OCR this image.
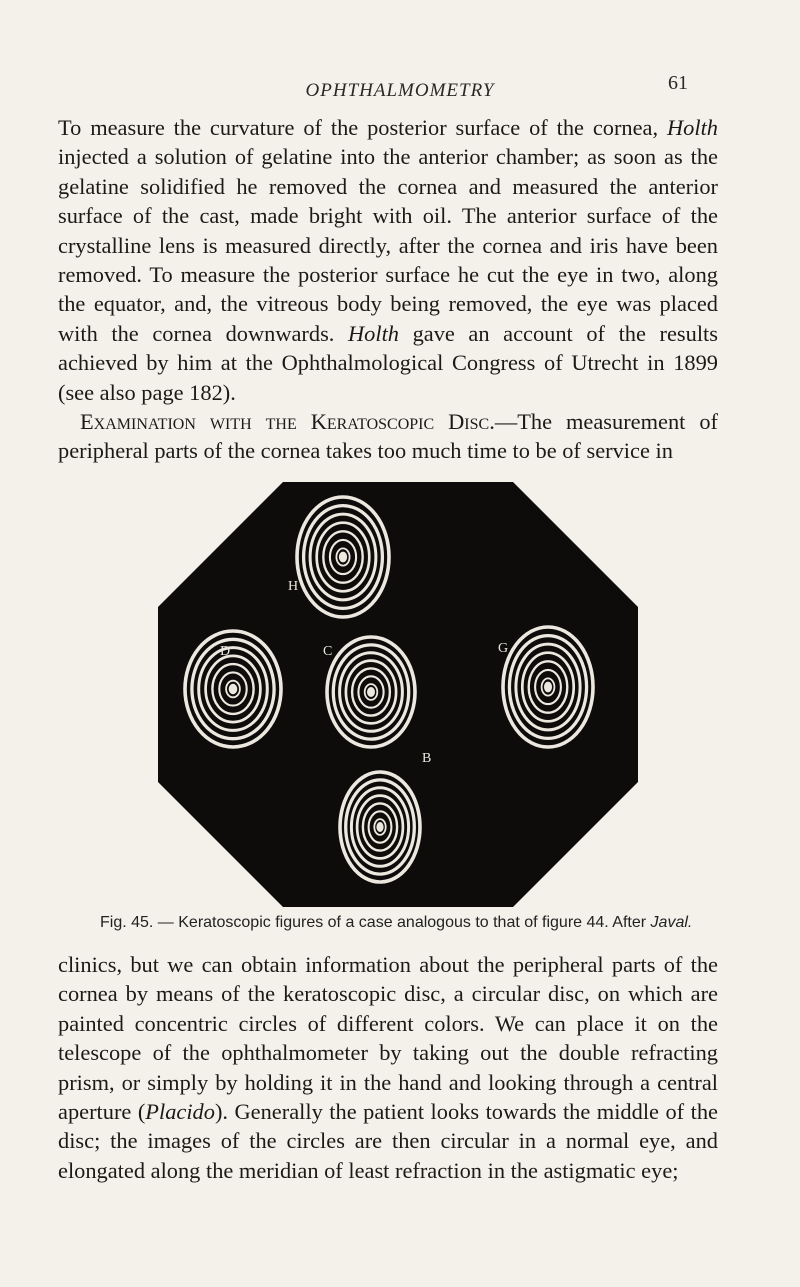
OPHTHALMOMETRY	61

To measure the curvature of the posterior surface of the cornea, Holth injected a solution of gelatine into the anterior chamber; as soon as the gelatine solidified he removed the cornea and measured the anterior surface of the cast, made bright with oil. The anterior surface of the crystalline lens is measured directly, after the cornea and iris have been removed. To measure the posterior surface he cut the eye in two, along the equator, and, the vitreous body being removed, the eye was placed with the cornea downwards. Holth gave an account of the results achieved by him at the Ophthalmological Congress of Utrecht in 1899 (see also page 182).

Examination with the Keratoscopic Disc.—The measurement of peripheral parts of the cornea takes too much time to be of service in

H
D	C	G
B
Fig. 45. — Keratoscopic figures of a case analogous to that of figure 44. After Javal.

clinics, but we can obtain information about the peripheral parts of the cornea by means of the keratoscopic disc, a circular disc, on which are painted concentric circles of different colors. We can place it on the telescope of the ophthalmometer by taking out the double refracting prism, or simply by holding it in the hand and looking through a central aperture (Placido). Generally the patient looks towards the middle of the disc; the images of the circles are then circular in a normal eye, and elongated along the meridian of least refraction in the astigmatic eye;
